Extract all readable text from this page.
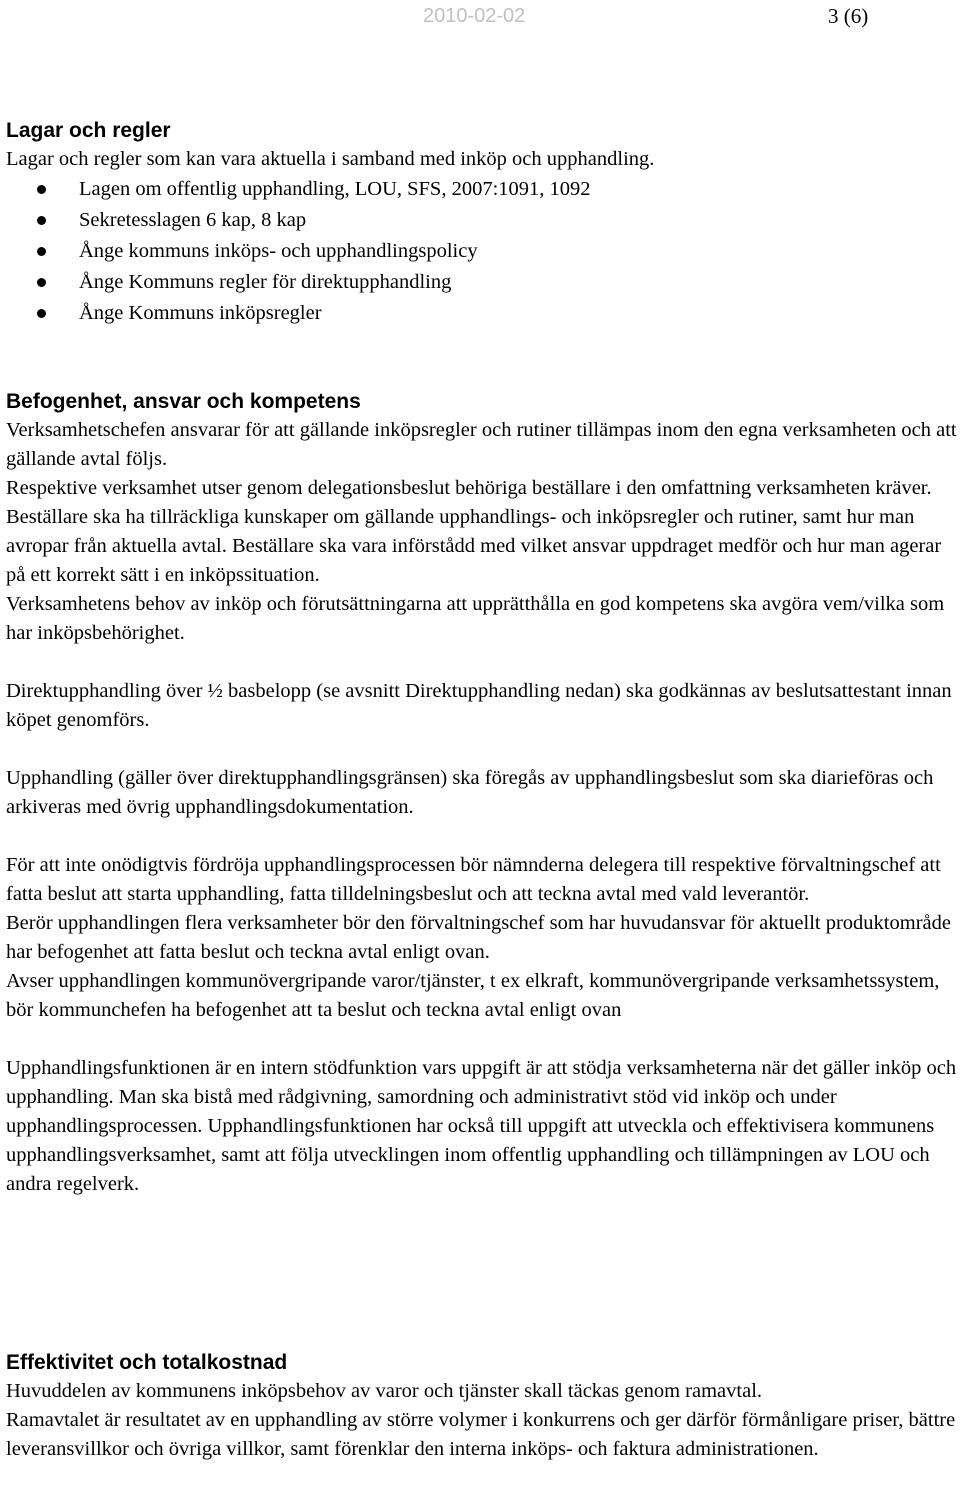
2010-02-02	3 (6)
Lagar och regler

Lagar och regler som kan vara aktuella i samband med inköp och upphandling.

Lagen om offentlig upphandling, LOU, SFS, 2007:1091, 1092
Sekretesslagen 6 kap, 8 kap
Ånge kommuns inköps- och upphandlingspolicy
Ånge Kommuns regler för direktupphandling
Ånge Kommuns inköpsregler
Befogenhet, ansvar och kompetens

Verksamhetschefen ansvarar för att gällande inköpsregler och rutiner tillämpas inom den egna verksamheten och att gällande avtal följs.

Respektive verksamhet utser genom delegationsbeslut behöriga beställare i den omfattning verksamheten kräver.

Beställare ska ha tillräckliga kunskaper om gällande upphandlings- och inköpsregler och rutiner, samt hur man avropar från aktuella avtal. Beställare ska vara införstådd med vilket ansvar uppdraget medför och hur man agerar på ett korrekt sätt i en inköpssituation.

Verksamhetens behov av inköp och förutsättningarna att upprätthålla en god kompetens ska avgöra vem/vilka som har inköpsbehörighet.

Direktupphandling över ½ basbelopp (se avsnitt Direktupphandling nedan) ska godkännas av beslutsattestant innan köpet genomförs.

Upphandling (gäller över direktupphandlingsgränsen) ska föregås av upphandlingsbeslut som ska diarieföras och arkiveras med övrig upphandlingsdokumentation.

För att inte onödigtvis fördröja upphandlingsprocessen bör nämnderna delegera till respektive förvaltningschef att fatta beslut att starta upphandling, fatta tilldelningsbeslut och att teckna avtal med vald leverantör.

Berör upphandlingen flera verksamheter bör den förvaltningschef som har huvudansvar för aktuellt produktområde har befogenhet att fatta beslut och teckna avtal enligt ovan.

Avser upphandlingen kommunövergripande varor/tjänster, t ex elkraft, kommunövergripande verksamhetssystem, bör kommunchefen ha befogenhet att ta beslut och teckna avtal enligt ovan

Upphandlingsfunktionen är en intern stödfunktion vars uppgift är att stödja verksamheterna när det gäller inköp och upphandling. Man ska bistå med rådgivning, samordning och administrativt stöd vid inköp och under upphandlingsprocessen. Upphandlingsfunktionen har också till uppgift att utveckla och effektivisera kommunens upphandlingsverksamhet, samt att följa utvecklingen inom offentlig upphandling och tillämpningen av LOU och andra regelverk.

Effektivitet och totalkostnad

Huvuddelen av kommunens inköpsbehov av varor och tjänster skall täckas genom ramavtal.

Ramavtalet är resultatet av en upphandling av större volymer i konkurrens och ger därför förmånligare priser, bättre leveransvillkor och övriga villkor, samt förenklar den interna inköps- och faktura administrationen.
